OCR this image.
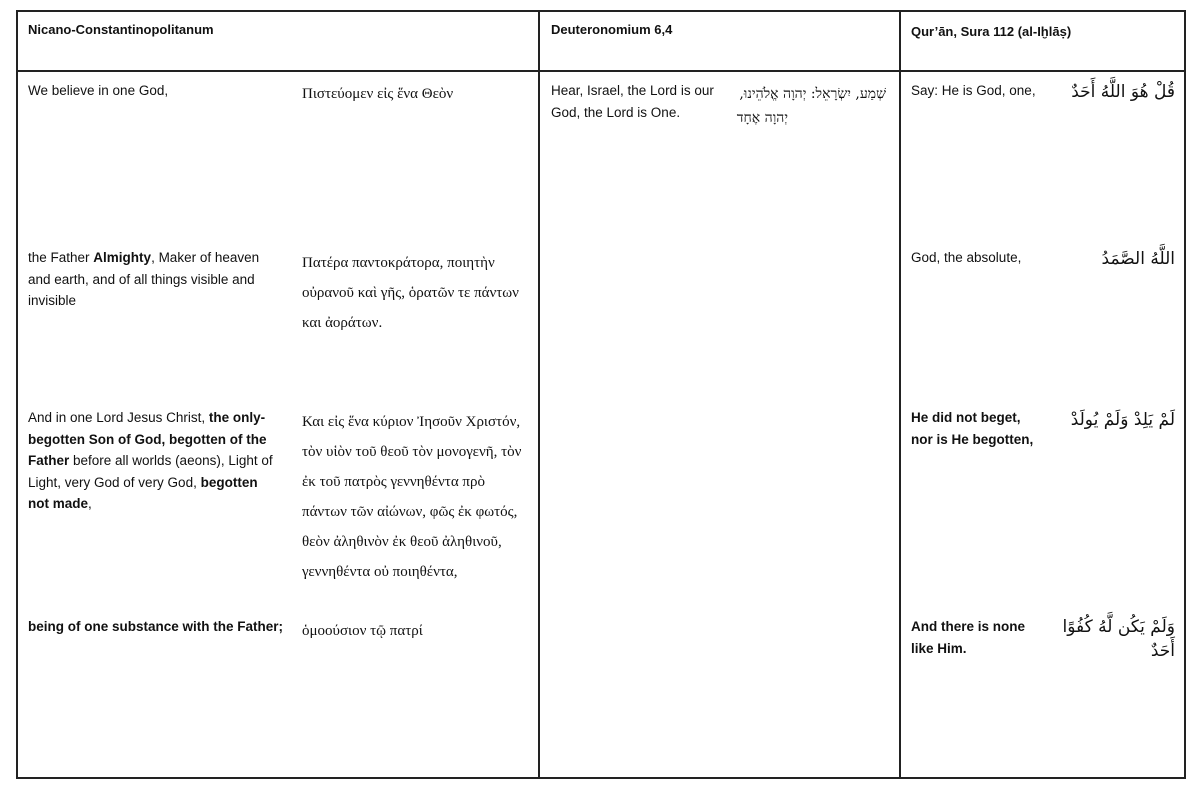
Nicano-Constantinopolitanum	Deuteronomium 6,4	Qur’ān, Sura 112 (al-Iḫlāṣ)
We believe in one God,
the Father Almighty, Maker of heaven and earth, and of all things visible and invisible
And in one Lord Jesus Christ, the only-begotten Son of God, begotten of the Father before all worlds (aeons), Light of Light, very God of very God, begotten not made,
being of one substance with the Father;
Πιστεύομεν εἰς ἕνα Θεὸν
Πατέρα παντοκράτορα, ποιητὴν οὐρανοῦ καὶ γῆς, ὁρατῶν τε πάντων και ἀοράτων.
Και εἰς ἕνα κύριον Ἰησοῦν Χριστόν, τὸν υἱὸν τοῦ θεοῦ τὸν μονογενῆ, τὸν ἐκ τοῦ πατρὸς γεννηθέντα πρὸ πάντων τῶν αἰώνων, φῶς ἐκ φωτός, θεὸν ἀληθινὸν ἐκ θεοῦ ἀληθινοῦ, γεννηθέντα οὐ ποιηθέντα,
ὁμοούσιον τῷ πατρί
Hear, Israel, the Lord is our God, the Lord is One.
שְׁמַע, יִשְׂרָאֵל: יְהוָה אֱלֹהֵינוּ,
יְהוָה אֶחָד
Say: He is God, one,
God, the absolute,
He did not beget, nor is He begotten,
And there is none like Him.
قُلْ هُوَ اللَّهُ أَحَدٌ
اللَّهُ الصَّمَدُ
لَمْ يَلِدْ وَلَمْ يُولَدْ
وَلَمْ يَكُن لَّهُ كُفُوًا أَحَدٌ
